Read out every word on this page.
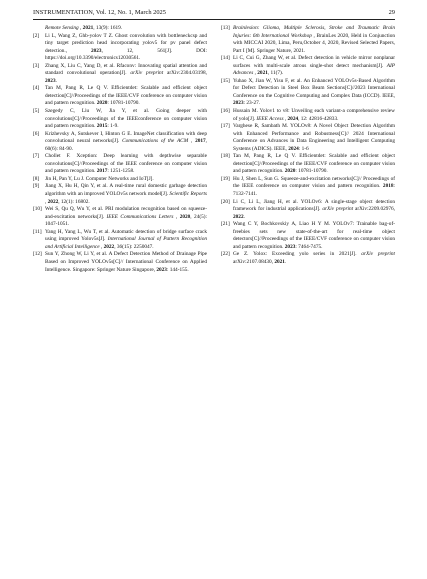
INSTRUMENTATION, Vol. 12, No. 1, March 2025	29
Remote Sensing , 2021, 13(9): 1619.
[2]	Li L, Wang Z, Ghb-yolov T Z. Ghost convolution with bottleneckcsp and tiny target prediction head incorporating yolov5 for pv panel defect detection., 2023, 12, 561[J]. DOI: https://doi.org/10.3390/electronics12030561.
[3]	Zhang X, Liu C, Yang D, et al. Rfaconv: Innovating spatial attention and standard convolutional operation[J]. arXiv preprint arXiv:2304.03198, 2023.
[4]	Tan M, Pang R, Le Q V. Efficientdet: Scalable and efficient object detection[C]//Proceedings of the IEEE/CVF conference on computer vision and pattern recognition. 2020: 10781-10790.
[5]	Szegedy C, Liu W, Jia Y, et al. Going deeper with convolutions[C]//Proceedings of the IEEEconference on computer vision and pattern recognition. 2015: 1-9.
[6]	Krizhevsky A, Sutskever I, Hinton G E. ImageNet classification with deep convolutional neural networks[J]. Communications of the ACM , 2017, 60(6): 84-90.
[7]	Chollet F. Xception: Deep learning with depthwise separable convolutions[C]//Proceedings of the IEEE conference on computer vision and pattern recognition. 2017: 1251-1258.
[8]	Jin H, Pan Y, Lu J. Computer Networks and IoT[J].
[9]	Jiang X, Hu H, Qin Y, et al. A real-time rural domestic garbage detection algorithm with an improved YOLOv5s network model[J]. Scientific Reports , 2022, 12(1): 16802.
[10] Wei S, Qu Q, Wu Y, et al. PRI modulation recognition based on squeeze-and-excitation networks[J]. IEEE Communications Letters , 2020, 24(5): 1047-1051.
[11] Yang H, Yang L, Wu T, et al. Automatic detection of bridge surface crack using improved Yolov5s[J]. International Journal of Pattern Recognition and Artificial Intelligence , 2022, 36(15): 2250047.
[12] Sun Y, Zhong W, Li Y, et al. A Defect Detection Method of Drainage Pipe Based on Improved YOLOv5s[C]// International Conference on Applied Intelligence. Singapore: Springer Nature Singapore, 2023: 144-155.
[13] Brainlesion: Glioma, Multiple Sclerosis, Stroke and Traumatic Brain Injuries: 6th International Workshop , BrainLes 2020, Held in Conjunction with MICCAI 2020, Lima, Peru,October 4, 2020, Revised Selected Papers, Part I [M]. Springer Nature, 2021.
[14] Li C, Cui G, Zhang W, et al. Defect detection in vehicle mirror nonplanar surfaces with multi-scale atrous single-shot detect mechanism[J]. AIP Advances , 2021, 11(7).
[15] Yuhao X, Jian W, Yisu F, et al. An Enhanced YOLOv5s-Based Algorithm for Defect Detection in Steel Box Beam Sections[C]//2023 International Conference on the Cognitive Computing and Complex Data (ICCD). IEEE, 2023: 23-27.
[16] Hussain M. Yolov1 to v8: Unveiling each variant-a comprehensive review of yolo[J]. IEEE Access , 2024, 12: 42816-42833.
[17] Varghese R, Sambath M. YOLOv8: A Novel Object Detection Algorithm with Enhanced Performance and Robustness[C]// 2024 International Conference on Advances in Data Engineering and Intelligent Computing Systems (ADICS). IEEE, 2024: 1-6
[18] Tan M, Pang R, Le Q V. Efficientdet: Scalable and efficient object detection[C]//Proceedings of the IEEE/CVF conference on computer vision and pattern recognition. 2020: 10781-10790.
[19] Hu J, Shen L, Sun G. Squeeze-and-excitation networks[C]// Proceedings of the IEEE conference on computer vision and pattern recognition. 2018: 7132-7141.
[20] Li C, Li L, Jiang H, et al. YOLOv6: A single-stage object detection framework for industrial applications[J]. arXiv preprint arXiv:2209.02976, 2022.
[21] Wang C Y, Bochkovskiy A, Liao H Y M. YOLOv7: Trainable bag-of-freebies sets new state-of-the-art for real-time object detectors[C]//Proceedings of the IEEE/CVF conference on computer vision and pattern recognition. 2023: 7464-7475.
[22] Ge Z. Yolox: Exceeding yolo series in 2021[J]. arXiv preprint arXiv:2107.08430, 2021.
